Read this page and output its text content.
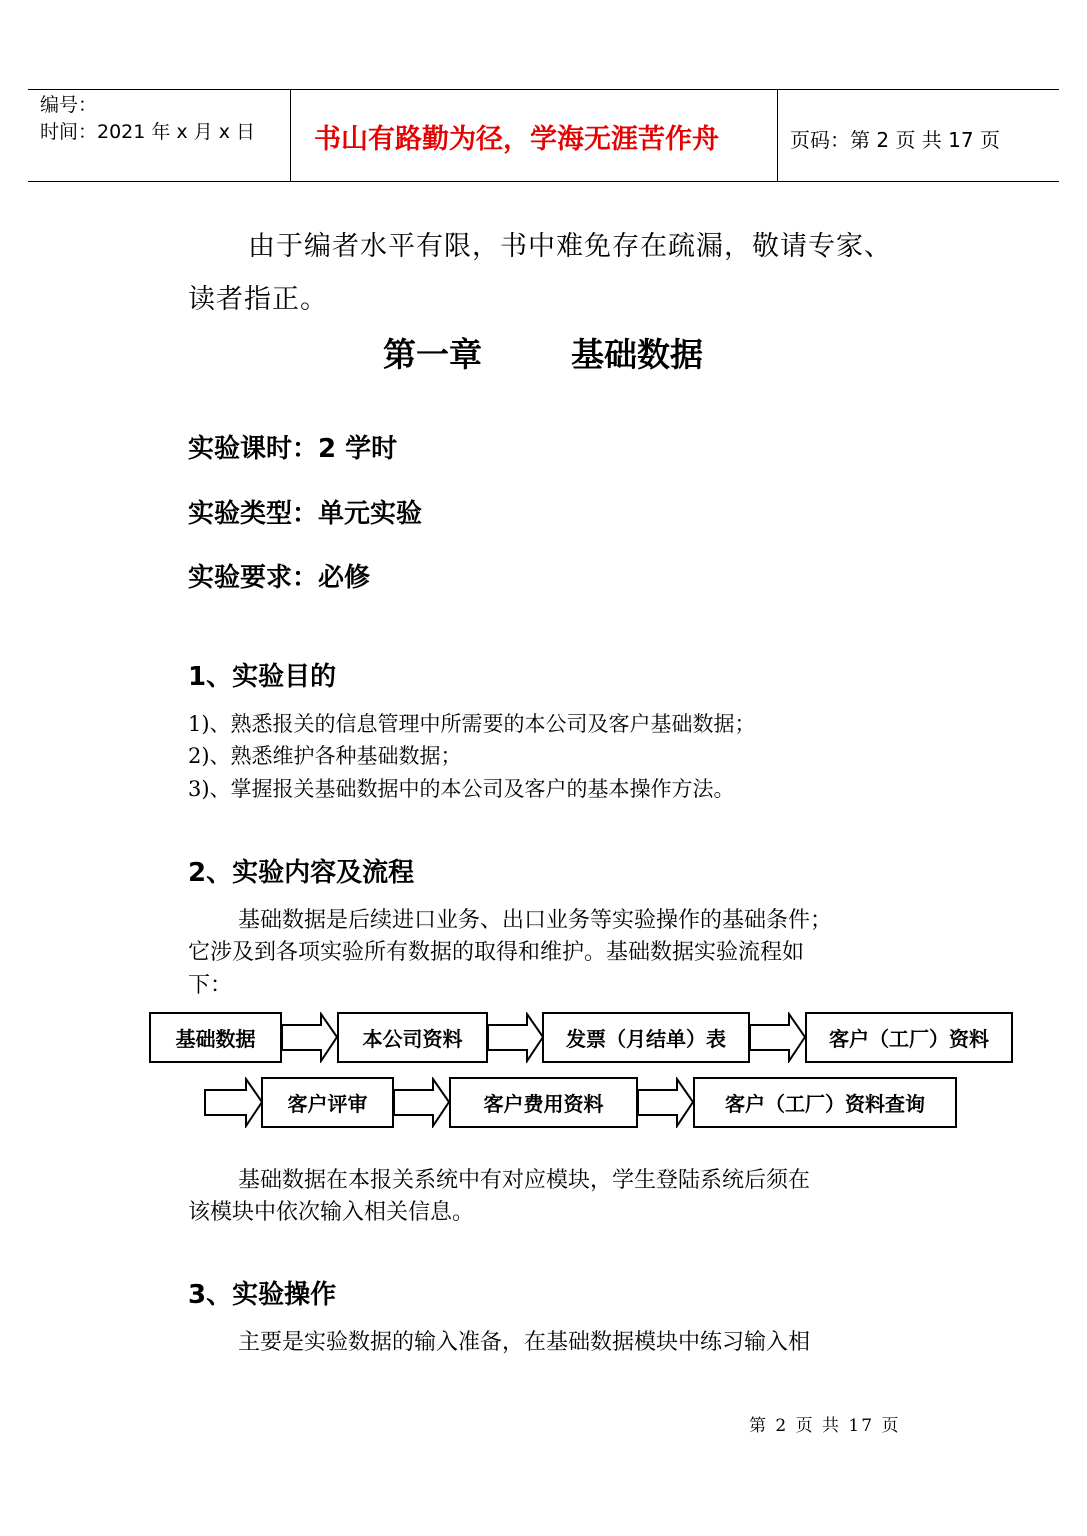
编号：
时间：2021 年 x 月 x 日 书山有路勤为径，学海无涯苦作舟	页码：第 2 页 共 17 页
由于编者水平有限，书中难免存在疏漏，敬请专家、
读者指正。
第一章	基础数据
实验课时：2 学时
实验类型：单元实验
实验要求：必修
1、实验目的
1)、熟悉报关的信息管理中所需要的本公司及客户基础数据；
2)、熟悉维护各种基础数据；
3)、掌握报关基础数据中的本公司及客户的基本操作方法。
2、实验内容及流程
基础数据是后续进口业务、出口业务等实验操作的基础条件；
它涉及到各项实验所有数据的取得和维护。基础数据实验流程如
下：
基础数据	本公司资料	发票（月结单）表	客户（工厂）资料
客户评审	客户费用资料	客户（工厂）资料查询
基础数据在本报关系统中有对应模块，学生登陆系统后须在
该模块中依次输入相关信息。
3、实验操作
主要是实验数据的输入准备，在基础数据模块中练习输入相
第 2 页 共 17 页
